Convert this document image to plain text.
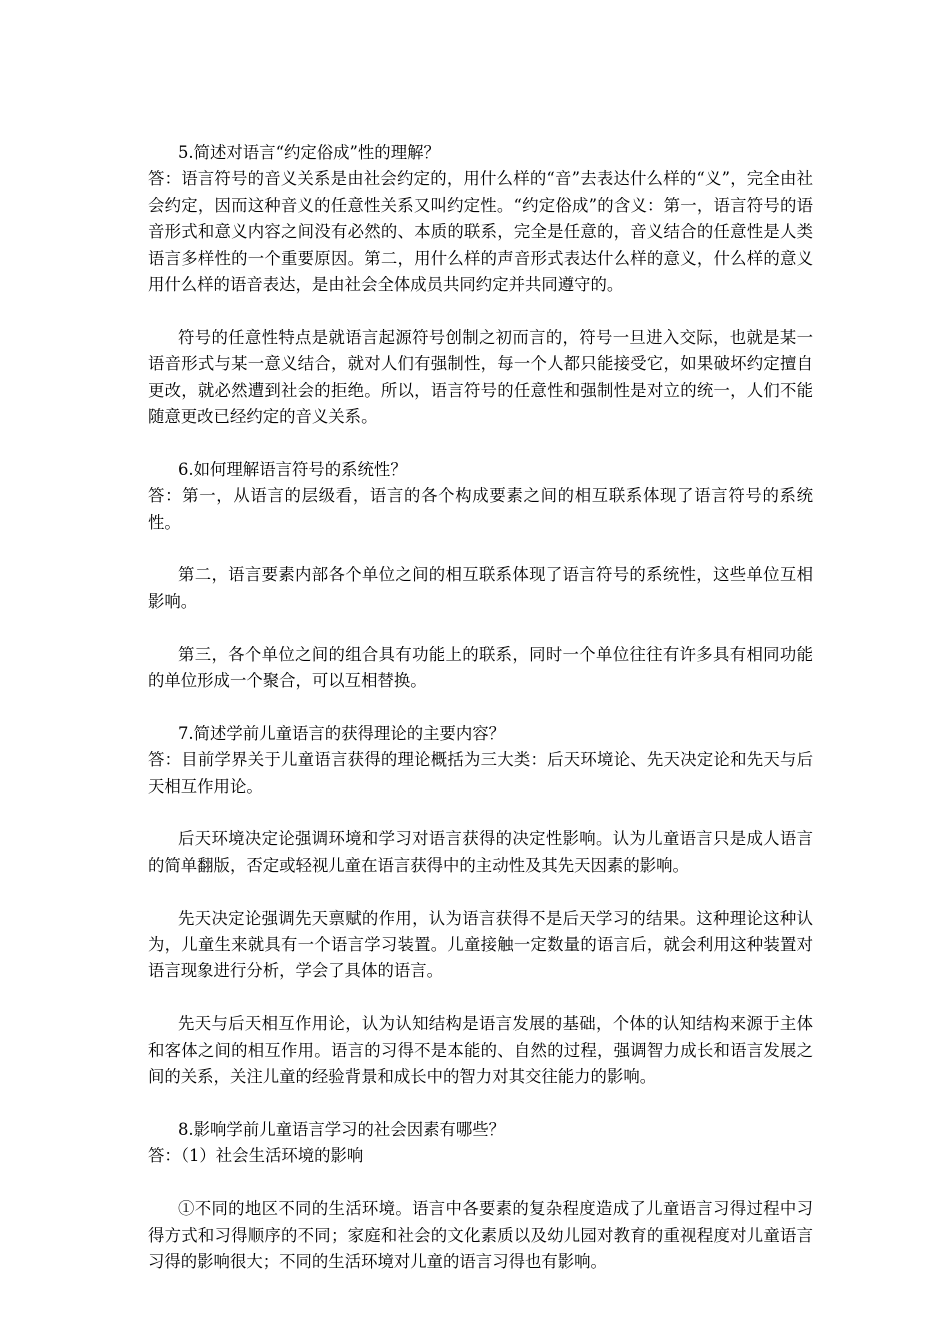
5.简述对语言“约定俗成”性的理解？

答：语言符号的音义关系是由社会约定的，用什么样的“音”去表达什么样的“义”，完全由社会约定，因而这种音义的任意性关系又叫约定性。“约定俗成”的含义：第一，语言符号的语音形式和意义内容之间没有必然的、本质的联系，完全是任意的，音义结合的任意性是人类语言多样性的一个重要原因。第二，用什么样的声音形式表达什么样的意义，什么样的意义用什么样的语音表达，是由社会全体成员共同约定并共同遵守的。

符号的任意性特点是就语言起源符号创制之初而言的，符号一旦进入交际，也就是某一语音形式与某一意义结合，就对人们有强制性，每一个人都只能接受它，如果破坏约定擅自更改，就必然遭到社会的拒绝。所以，语言符号的任意性和强制性是对立的统一，人们不能随意更改已经约定的音义关系。

6.如何理解语言符号的系统性？

答：第一，从语言的层级看，语言的各个构成要素之间的相互联系体现了语言符号的系统性。

第二，语言要素内部各个单位之间的相互联系体现了语言符号的系统性，这些单位互相影响。

第三，各个单位之间的组合具有功能上的联系，同时一个单位往往有许多具有相同功能的单位形成一个聚合，可以互相替换。

7.简述学前儿童语言的获得理论的主要内容？

答：目前学界关于儿童语言获得的理论概括为三大类：后天环境论、先天决定论和先天与后天相互作用论。

后天环境决定论强调环境和学习对语言获得的决定性影响。认为儿童语言只是成人语言的简单翻版，否定或轻视儿童在语言获得中的主动性及其先天因素的影响。

先天决定论强调先天禀赋的作用，认为语言获得不是后天学习的结果。这种理论这种认为，儿童生来就具有一个语言学习装置。儿童接触一定数量的语言后，就会利用这种装置对语言现象进行分析，学会了具体的语言。

先天与后天相互作用论，认为认知结构是语言发展的基础，个体的认知结构来源于主体和客体之间的相互作用。语言的习得不是本能的、自然的过程，强调智力成长和语言发展之间的关系，关注儿童的经验背景和成长中的智力对其交往能力的影响。

8.影响学前儿童语言学习的社会因素有哪些？

答：（1）社会生活环境的影响

①不同的地区不同的生活环境。语言中各要素的复杂程度造成了儿童语言习得过程中习得方式和习得顺序的不同；家庭和社会的文化素质以及幼儿园对教育的重视程度对儿童语言习得的影响很大；不同的生活环境对儿童的语言习得也有影响。
